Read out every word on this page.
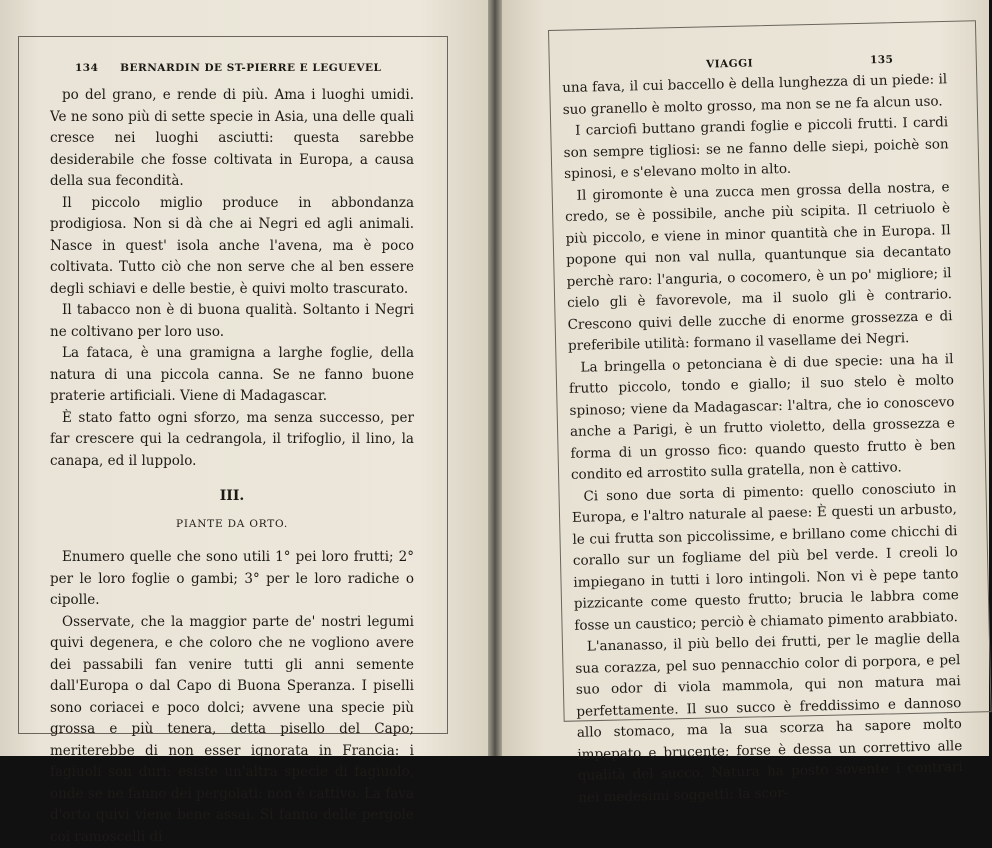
134 BERNARDIN DE ST-PIERRE E LEGUEVEL

po del grano, e rende di più. Ama i luoghi umidi. Ve ne sono più di sette specie in Asia, una delle quali cresce nei luoghi asciutti: questa sarebbe desiderabile che fosse coltivata in Europa, a causa della sua fecondità.

Il piccolo miglio produce in abbondanza prodigiosa. Non si dà che ai Negri ed agli animali. Nasce in quest' isola anche l'avena, ma è poco coltivata. Tutto ciò che non serve che al ben essere degli schiavi e delle bestie, è quivi molto trascurato.

Il tabacco non è di buona qualità. Soltanto i Negri ne coltivano per loro uso.

La fataca, è una gramigna a larghe foglie, della natura di una piccola canna. Se ne fanno buone praterie artificiali. Viene di Madagascar.

È stato fatto ogni sforzo, ma senza successo, per far crescere qui la cedrangola, il trifoglio, il lino, la canapa, ed il luppolo.

III.

PIANTE DA ORTO.

Enumero quelle che sono utili 1° pei loro frutti; 2° per le loro foglie o gambi; 3° per le loro radiche o cipolle.

Osservate, che la maggior parte de' nostri legumi quivi degenera, e che coloro che ne vogliono avere dei passabili fan venire tutti gli anni semente dall'Europa o dal Capo di Buona Speranza. I piselli sono coriacei e poco dolci; avvene una specie più grossa e più tenera, detta pisello del Capo; meriterebbe di non esser ignorata in Francia: i fagiuoli son duri: esiste un'altra specie di fagiuolo, onde se ne fanno dei pergolati: non è cattivo. La fava d'orto quivi viene bene assai. Si fanno delle pergole coi ramoscelli di

VIAGGI	135

una fava, il cui baccello è della lunghezza di un piede: il suo granello è molto grosso, ma non se ne fa alcun uso.

I carciofi buttano grandi foglie e piccoli frutti. I cardi son sempre tigliosi: se ne fanno delle siepi, poichè son spinosi, e s'elevano molto in alto.

Il giromonte è una zucca men grossa della nostra, e credo, se è possibile, anche più scipita. Il cetriuolo è più piccolo, e viene in minor quantità che in Europa. Il popone qui non val nulla, quantunque sia decantato perchè raro: l'anguria, o cocomero, è un po' migliore; il cielo gli è favorevole, ma il suolo gli è contrario. Crescono quivi delle zucche di enorme grossezza e di preferibile utilità: formano il vasellame dei Negri.

La bringella o petonciana è di due specie: una ha il frutto piccolo, tondo e giallo; il suo stelo è molto spinoso; viene da Madagascar: l'altra, che io conoscevo anche a Parigi, è un frutto violetto, della grossezza e forma di un grosso fico: quando questo frutto è ben condito ed arrostito sulla gratella, non è cattivo.

Ci sono due sorta di pimento: quello conosciuto in Europa, e l'altro naturale al paese: È questi un arbusto, le cui frutta son piccolissime, e brillano come chicchi di corallo sur un fogliame del più bel verde. I creoli lo impiegano in tutti i loro intingoli. Non vi è pepe tanto pizzicante come questo frutto; brucia le labbra come fosse un caustico; perciò è chiamato pimento arabbiato.

L'ananasso, il più bello dei frutti, per le maglie della sua corazza, pel suo pennacchio color di porpora, e pel suo odor di viola mammola, qui non matura mai perfettamente. Il suo succo è freddissimo e dannoso allo stomaco, ma la sua scorza ha sapore molto impepato e brucente; forse è dessa un correttivo alle qualità del succo. Natura ha posto sovente i contrari nei medesimi soggetti: la scor-
